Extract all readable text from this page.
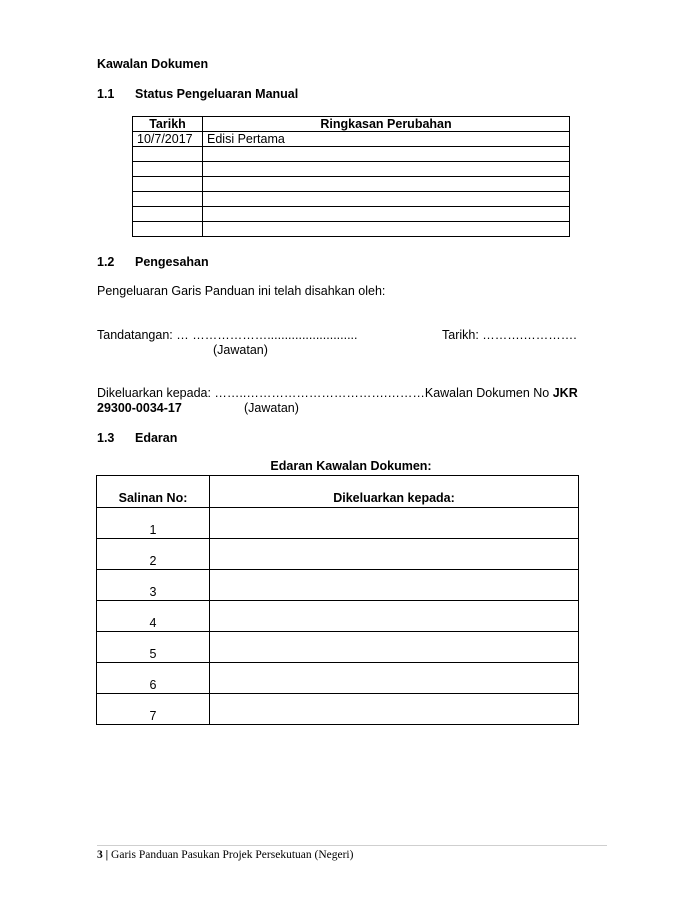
Kawalan Dokumen
1.1 Status Pengeluaran Manual
Tarikh	Ringkasan Perubahan
10/7/2017	Edisi Pertama

1.2 Pengesahan
Pengeluaran Garis Panduan ini telah disahkan oleh:
Tandatangan: … ………………..........................
(Jawatan)
Tarikh: ……….………….
Dikeluarkan kepada: ……..…………………………….………Kawalan Dokumen No JKR
29300-0034-17	(Jawatan)
1.3 Edaran
Edaran Kawalan Dokumen:
Salinan No:	Dikeluarkan kepada:
1	
2	
3	
4	
5	
6	
7	
3 | Garis Panduan Pasukan Projek Persekutuan (Negeri)
